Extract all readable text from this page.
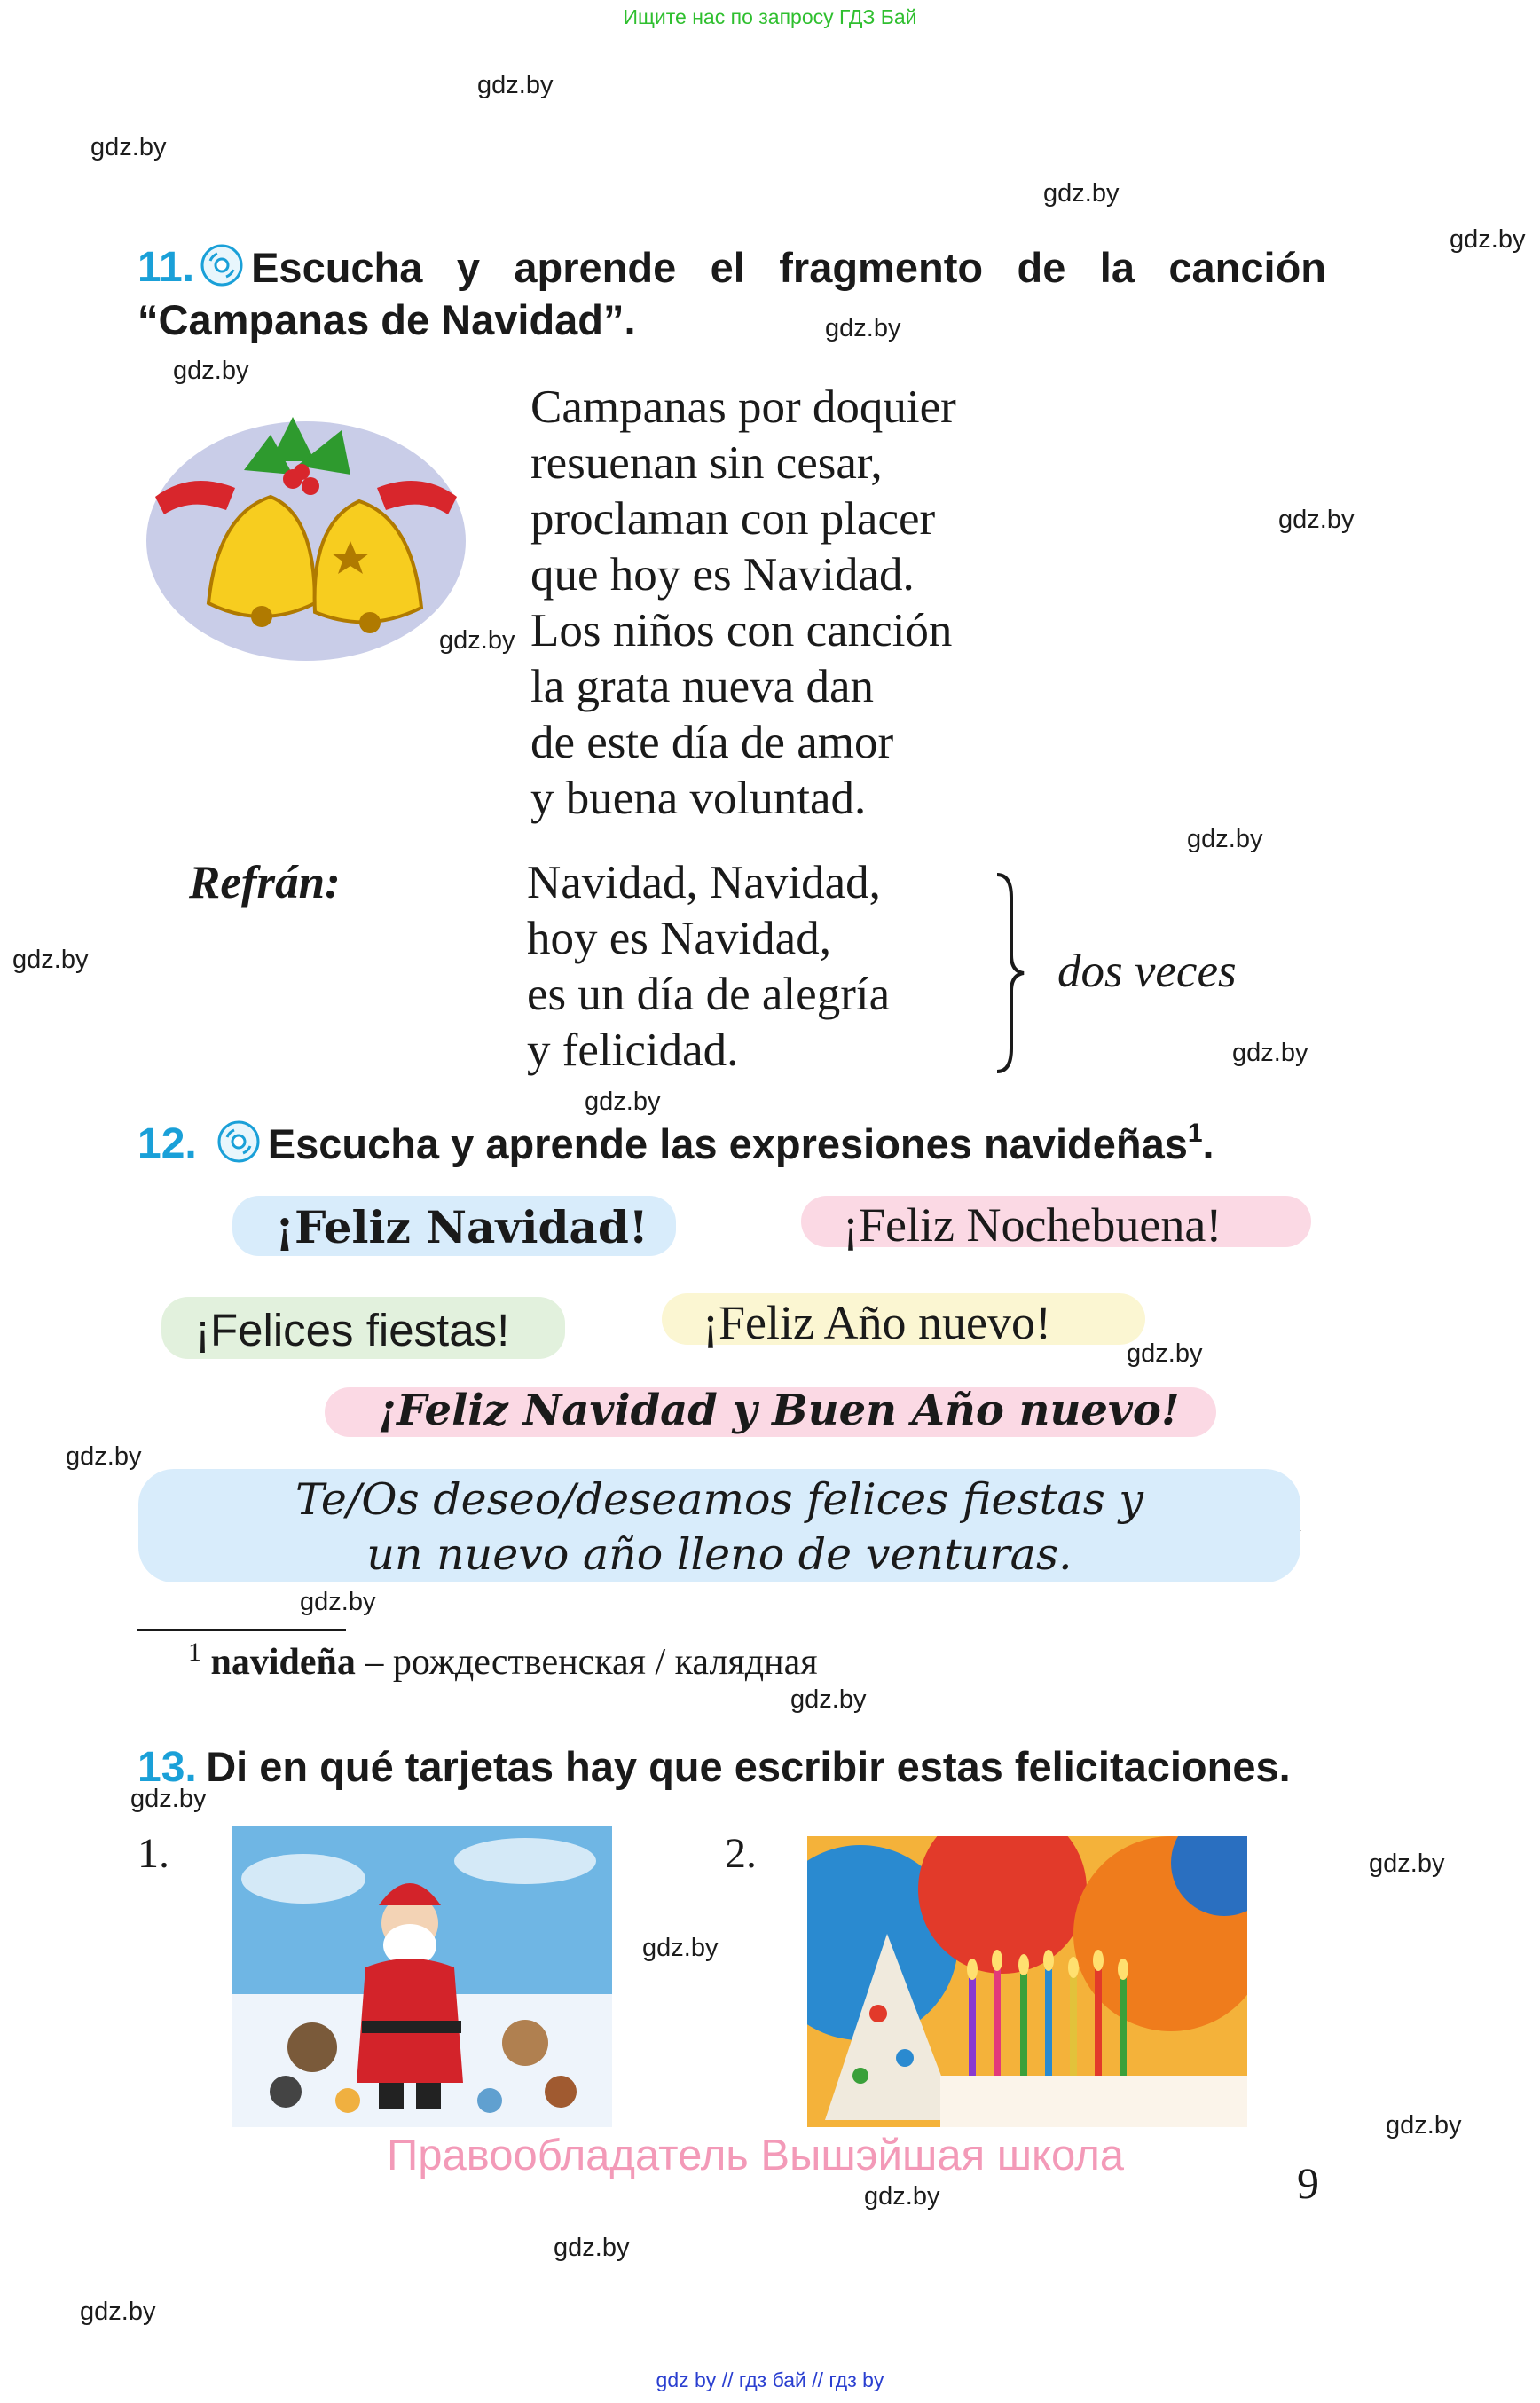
Ищите нас по запросу ГДЗ Бай
gdz.by
gdz.by
gdz.by
gdz.by
gdz.by
gdz.by
gdz.by
gdz.by
gdz.by
gdz.by
gdz.by
gdz.by
gdz.by
gdz.by
gdz.by
gdz.by
gdz.by
gdz.by
gdz.by
gdz.by
gdz.by
gdz.by
gdz.by
11. Escucha y aprende el fragmento de la canción
“Campanas de Navidad”.
Campanas por doquier
resuenan sin cesar,
proclaman con placer
que hoy es Navidad.
Los niños con canción
la grata nueva dan
de este día de amor
y buena voluntad.
Refrán:	Navidad, Navidad,
hoy es Navidad,
es un día de alegría
y felicidad.
dos veces
12. Escucha y aprende las expresiones navideñas$^1$ .
¡Feliz Navidad!	¡Feliz Nochebuena!
¡Felices fiestas!	¡Feliz Año nuevo!
¡Feliz Navidad y Buen Año nuevo!
Te/Os deseo/deseamos felices fiestas y
un nuevo año lleno de venturas.
$^1$ navideña – рождественская / калядная
13. Di en qué tarjetas hay que escribir estas felicitaciones.
1.	2.
Правообладатель Вышэйшая школа
9
gdz by // гдз бай // гдз by
